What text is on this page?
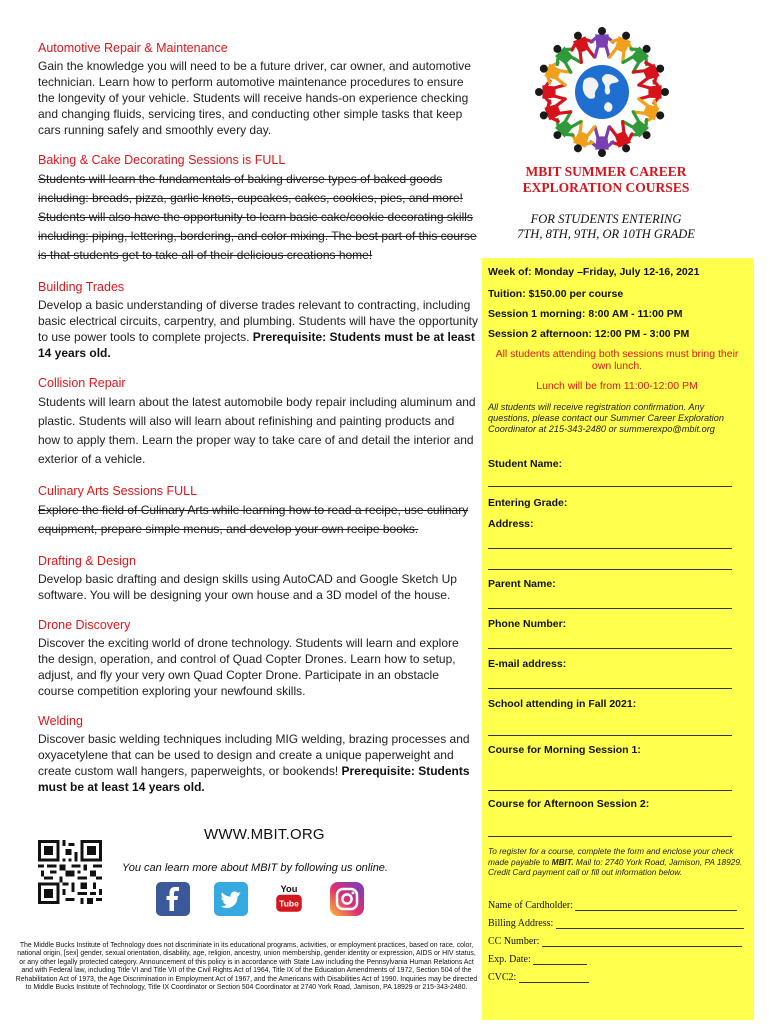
Automotive Repair & Maintenance
Gain the knowledge you will need to be a future driver, car owner, and automotive technician. Learn how to perform automotive maintenance procedures to ensure the longevity of your vehicle. Students will receive hands-on experience checking and changing fluids, servicing tires, and conducting other simple tasks that keep cars running safely and smoothly every day.
Baking & Cake Decorating Sessions is FULL
Students will learn the fundamentals of baking diverse types of baked goods including: breads, pizza, garlic knots, cupcakes, cakes, cookies, pies, and more! Students will also have the opportunity to learn basic cake/cookie decorating skills including: piping, lettering, bordering, and color mixing. The best part of this course is that students get to take all of their delicious creations home!
Building Trades
Develop a basic understanding of diverse trades relevant to contracting, including basic electrical circuits, carpentry, and plumbing. Students will have the opportunity to use power tools to complete projects. Prerequisite: Students must be at least 14 years old.
Collision Repair
Students will learn about the latest automobile body repair including aluminum and plastic. Students will also will learn about refinishing and painting products and how to apply them. Learn the proper way to take care of and detail the interior and exterior of a vehicle.
Culinary Arts Sessions FULL
Explore the field of Culinary Arts while learning how to read a recipe, use culinary equipment, prepare simple menus, and develop your own recipe books.
Drafting & Design
Develop basic drafting and design skills using AutoCAD and Google Sketch Up software. You will be designing your own house and a 3D model of the house.
Drone Discovery
Discover the exciting world of drone technology. Students will learn and explore the design, operation, and control of Quad Copter Drones. Learn how to setup, adjust, and fly your very own Quad Copter Drone. Participate in an obstacle course competition exploring your newfound skills.
Welding
Discover basic welding techniques including MIG welding, brazing processes and oxyacetylene that can be used to design and create a unique paperweight and create custom wall hangers, paperweights, or bookends! Prerequisite: Students must be at least 14 years old.
WWW.MBIT.ORG
You can learn more about MBIT by following us online.
You
Tube
The Middle Bucks Institute of Technology does not discriminate in its educational programs, activities, or employment practices, based on race, color, national origin, [sex] gender, sexual orientation, disability, age, religion, ancestry, union membership, gender identity or expression, AIDS or HIV status, or any other legally protected category. Announcement of this policy is in accordance with State Law including the Pennsylvania Human Relations Act and with Federal law, including Title VI and Title VII of the Civil Rights Act of 1964, Title IX of the Education Amendments of 1972, Section 504 of the Rehabilitation Act of 1973, the Age Discrimination in Employment Act of 1967, and the Americans with Disabilities Act of 1990. Inquiries may be directed to Middle Bucks Institute of Technology, Title IX Coordinator or Section 504 Coordinator at 2740 York Road, Jamison, PA 18929 or 215-343-2480.
MBIT SUMMER CAREER
EXPLORATION COURSES
FOR STUDENTS ENTERING
7TH, 8TH, 9TH, OR 10TH GRADE
Week of: Monday –Friday, July 12-16, 2021
Tuition: $150.00 per course
Session 1 morning: 8:00 AM - 11:00 PM
Session 2 afternoon: 12:00 PM - 3:00 PM
All students attending both sessions must bring their own lunch.
Lunch will be from 11:00-12:00 PM
All students will receive registration confirmation. Any questions, please contact our Summer Career Exploration Coordinator at 215-343-2480 or summerexpo@mbit.org
Student Name:
Entering Grade:
Address:
Parent Name:
Phone Number:
E-mail address:
School attending in Fall 2021:
Course for Morning Session 1:
Course for Afternoon Session 2:
To register for a course, complete the form and enclose your check made payable to MBIT. Mail to: 2740 York Road, Jamison, PA 18929. Credit Card payment call or fill out information below.
Name of Cardholder:
Billing Address:
CC Number:
Exp. Date:
CVC2:
